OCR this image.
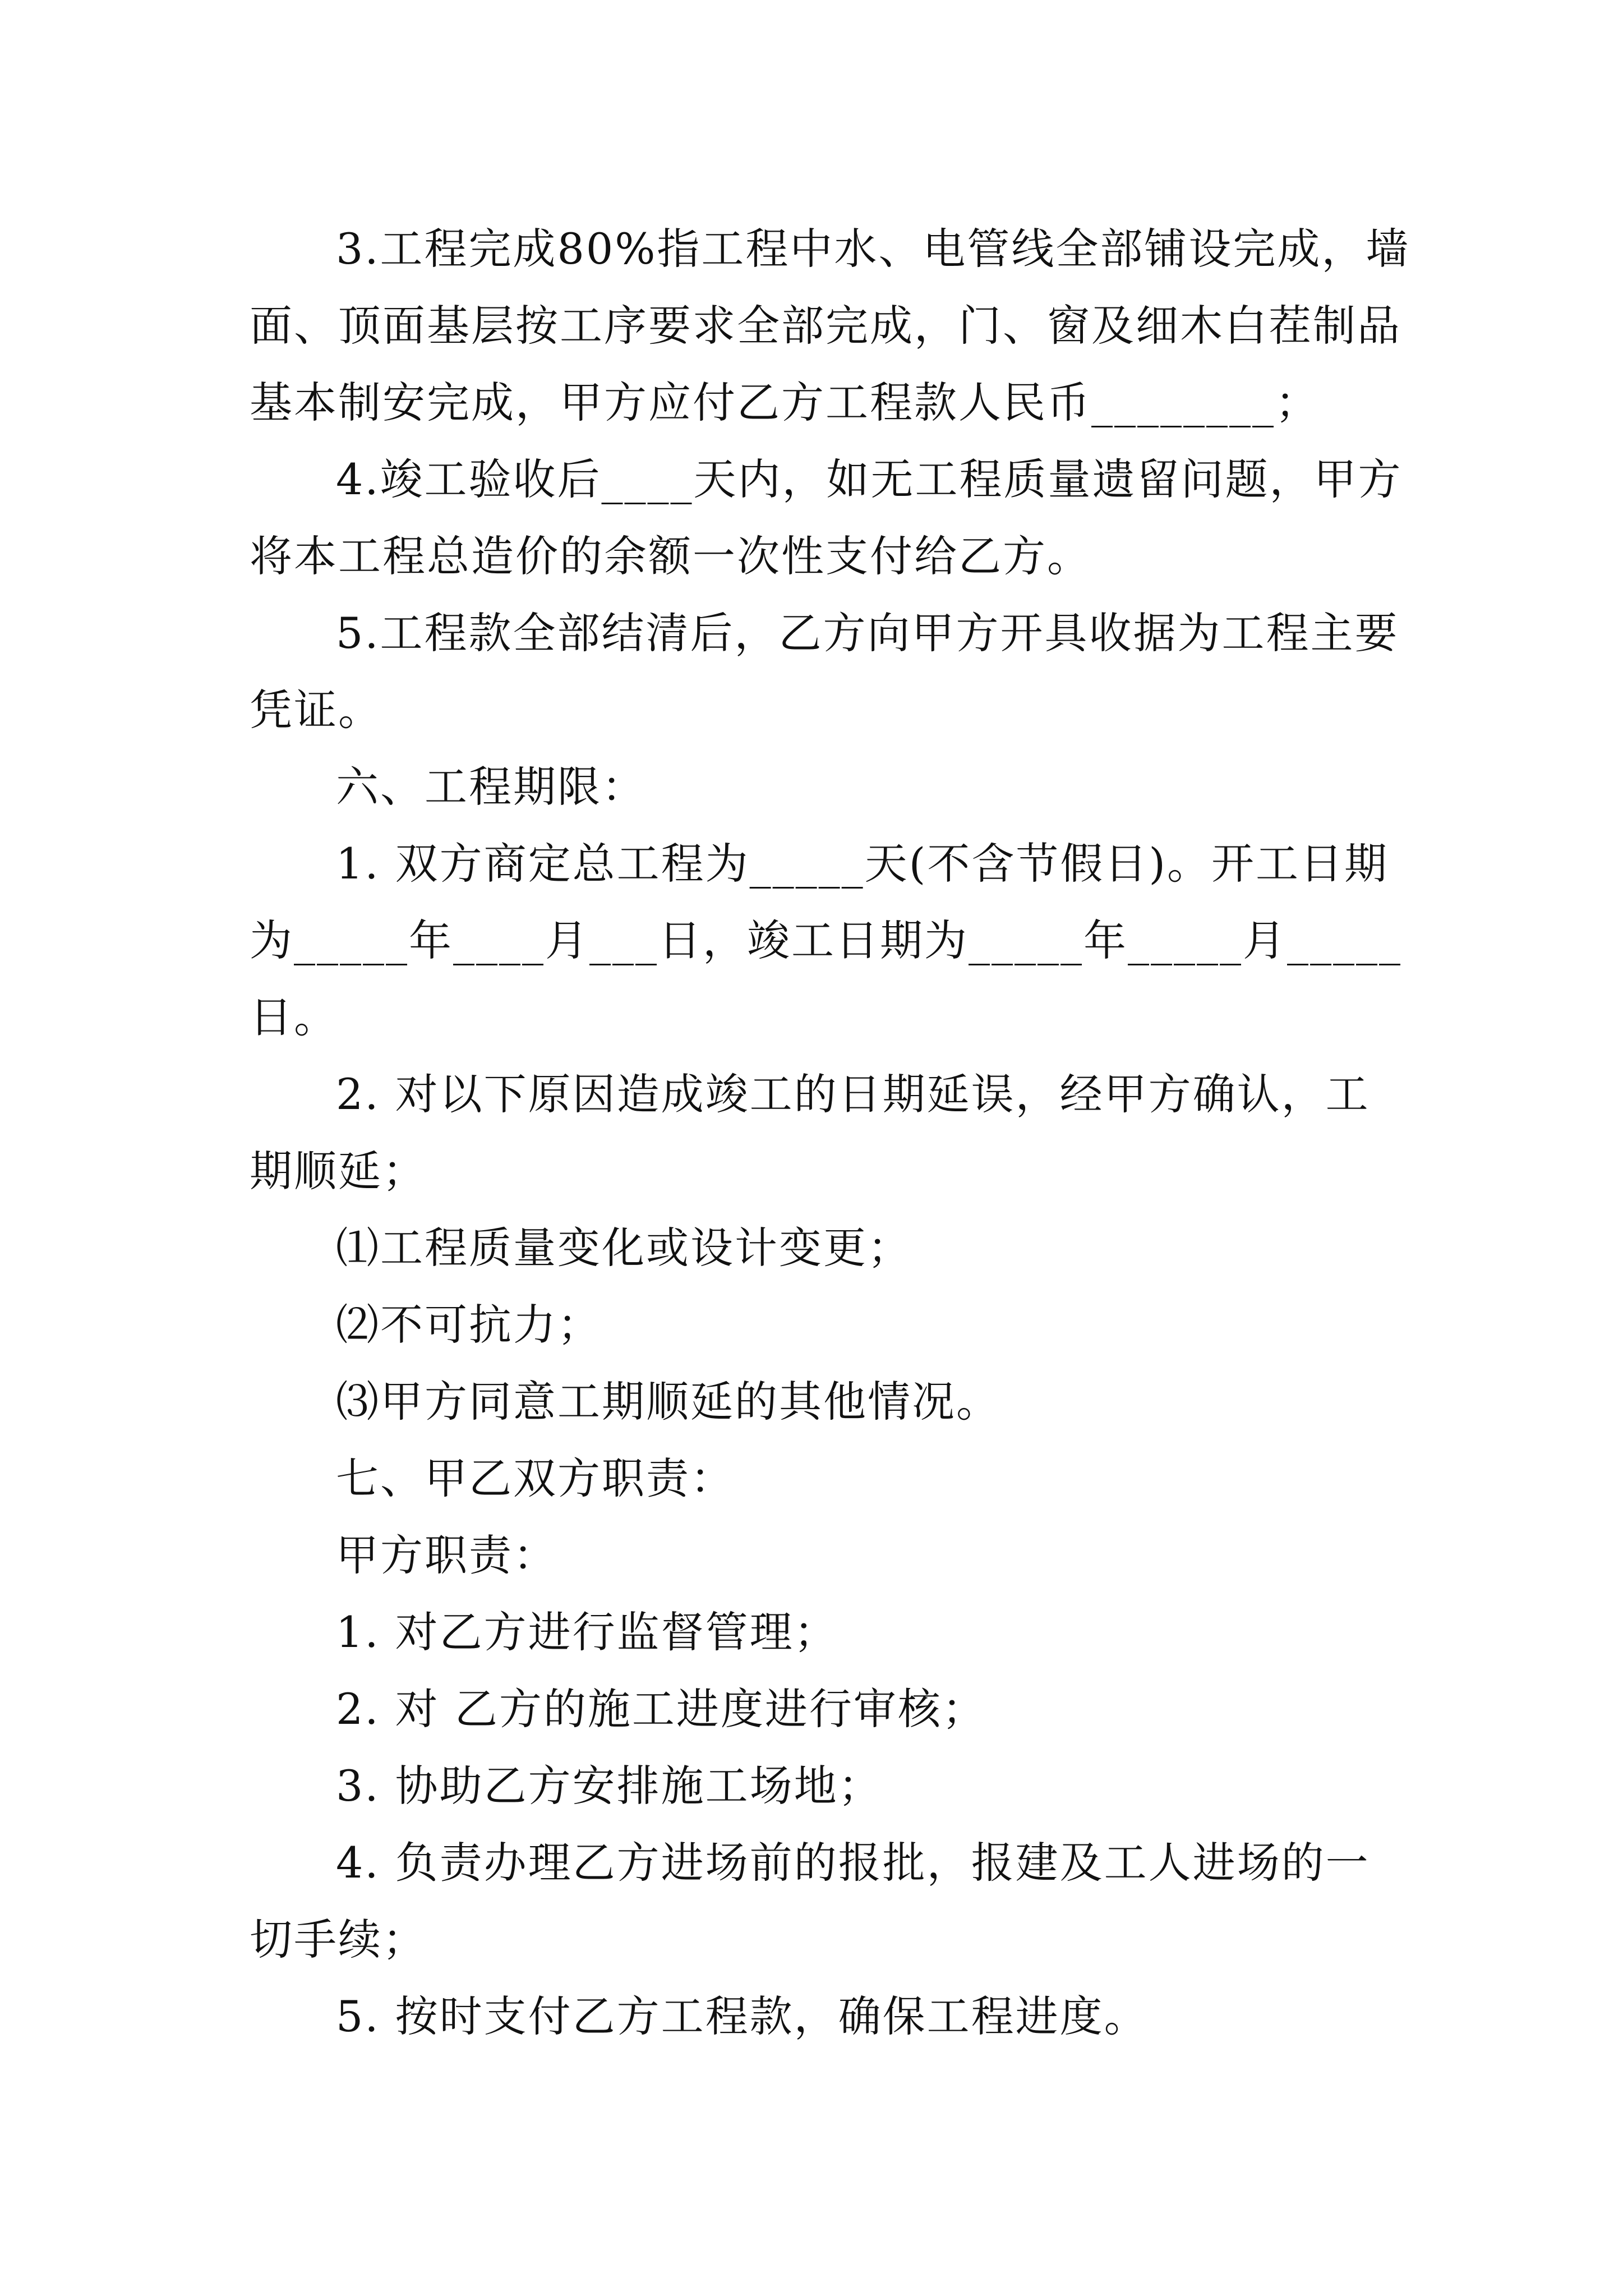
3.工程完成80%指工程中水、电管线全部铺设完成，墙

面、顶面基层按工序要求全部完成，门、窗及细木白茬制品

基本制安完成，甲方应付乙方工程款人民币________；

4.竣工验收后____天内，如无工程质量遗留问题，甲方

将本工程总造价的余额一次性支付给乙方。

5.工程款全部结清后，乙方向甲方开具收据为工程主要

凭证。

六、工程期限：

1. 双方商定总工程为_____天(不含节假日)。开工日期

为_____年____月___日，竣工日期为_____年_____月_____

日。

2. 对以下原因造成竣工的日期延误，经甲方确认，工

期顺延；

⑴工程质量变化或设计变更；

⑵不可抗力；

⑶甲方同意工期顺延的其他情况。

七、甲乙双方职责：

甲方职责：

1. 对乙方进行监督管理；

2. 对 乙方的施工进度进行审核；

3. 协助乙方安排施工场地；

4. 负责办理乙方进场前的报批，报建及工人进场的一

切手续；

5. 按时支付乙方工程款，确保工程进度。
